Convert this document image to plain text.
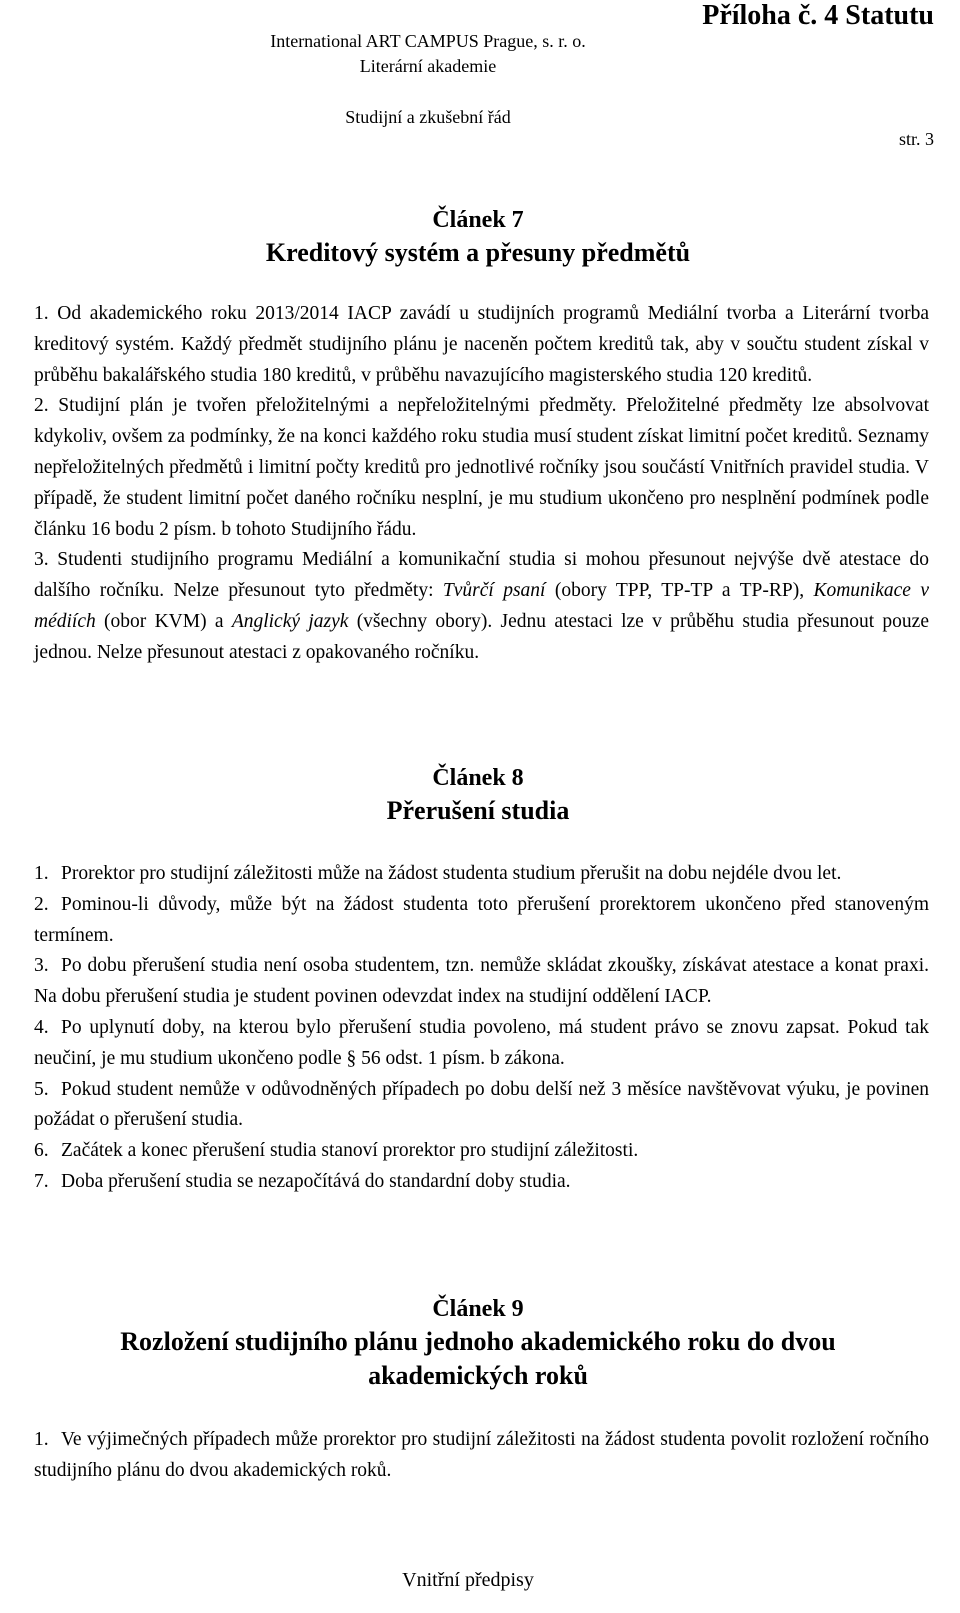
International ART CAMPUS Prague, s. r. o.
Literární akademie
Studijní a zkušební řád
Příloha č. 4 Statutu
str. 3
Článek 7
Kreditový systém a přesuny předmětů

1. Od akademického roku 2013/2014 IACP zavádí u studijních programů Mediální tvorba a Literární tvorba kreditový systém. Každý předmět studijního plánu je naceněn počtem kreditů tak, aby v součtu student získal v průběhu bakalářského studia 180 kreditů, v průběhu navazujícího magisterského studia 120 kreditů.

2. Studijní plán je tvořen přeložitelnými a nepřeložitelnými předměty. Přeložitelné předměty lze absolvovat kdykoliv, ovšem za podmínky, že na konci každého roku studia musí student získat limitní počet kreditů. Seznamy nepřeložitelných předmětů i limitní počty kreditů pro jednotlivé ročníky jsou součástí Vnitřních pravidel studia. V případě, že student limitní počet daného ročníku nesplní, je mu studium ukončeno pro nesplnění podmínek podle článku 16 bodu 2 písm. b tohoto Studijního řádu.

3. Studenti studijního programu Mediální a komunikační studia si mohou přesunout nejvýše dvě atestace do dalšího ročníku. Nelze přesunout tyto předměty: Tvůrčí psaní (obory TPP, TP-TP a TP-RP), Komunikace v médiích (obor KVM) a Anglický jazyk (všechny obory). Jednu atestaci lze v průběhu studia přesunout pouze jednou. Nelze přesunout atestaci z opakovaného ročníku.

Článek 8
Přerušení studia

1. Prorektor pro studijní záležitosti může na žádost studenta studium přerušit na dobu nejdéle dvou let.

2. Pominou-li důvody, může být na žádost studenta toto přerušení prorektorem ukončeno před stanoveným termínem.

3. Po dobu přerušení studia není osoba studentem, tzn. nemůže skládat zkoušky, získávat atestace a konat praxi. Na dobu přerušení studia je student povinen odevzdat index na studijní oddělení IACP.

4. Po uplynutí doby, na kterou bylo přerušení studia povoleno, má student právo se znovu zapsat. Pokud tak neučiní, je mu studium ukončeno podle § 56 odst. 1 písm. b zákona.

5. Pokud student nemůže v odůvodněných případech po dobu delší než 3 měsíce navštěvovat výuku, je povinen požádat o přerušení studia.

6. Začátek a konec přerušení studia stanoví prorektor pro studijní záležitosti.

7. Doba přerušení studia se nezapočítává do standardní doby studia.

Článek 9
Rozložení studijního plánu jednoho akademického roku do dvou
akademických roků

1. Ve výjimečných případech může prorektor pro studijní záležitosti na žádost studenta povolit rozložení ročního studijního plánu do dvou akademických roků.

Vnitřní předpisy
